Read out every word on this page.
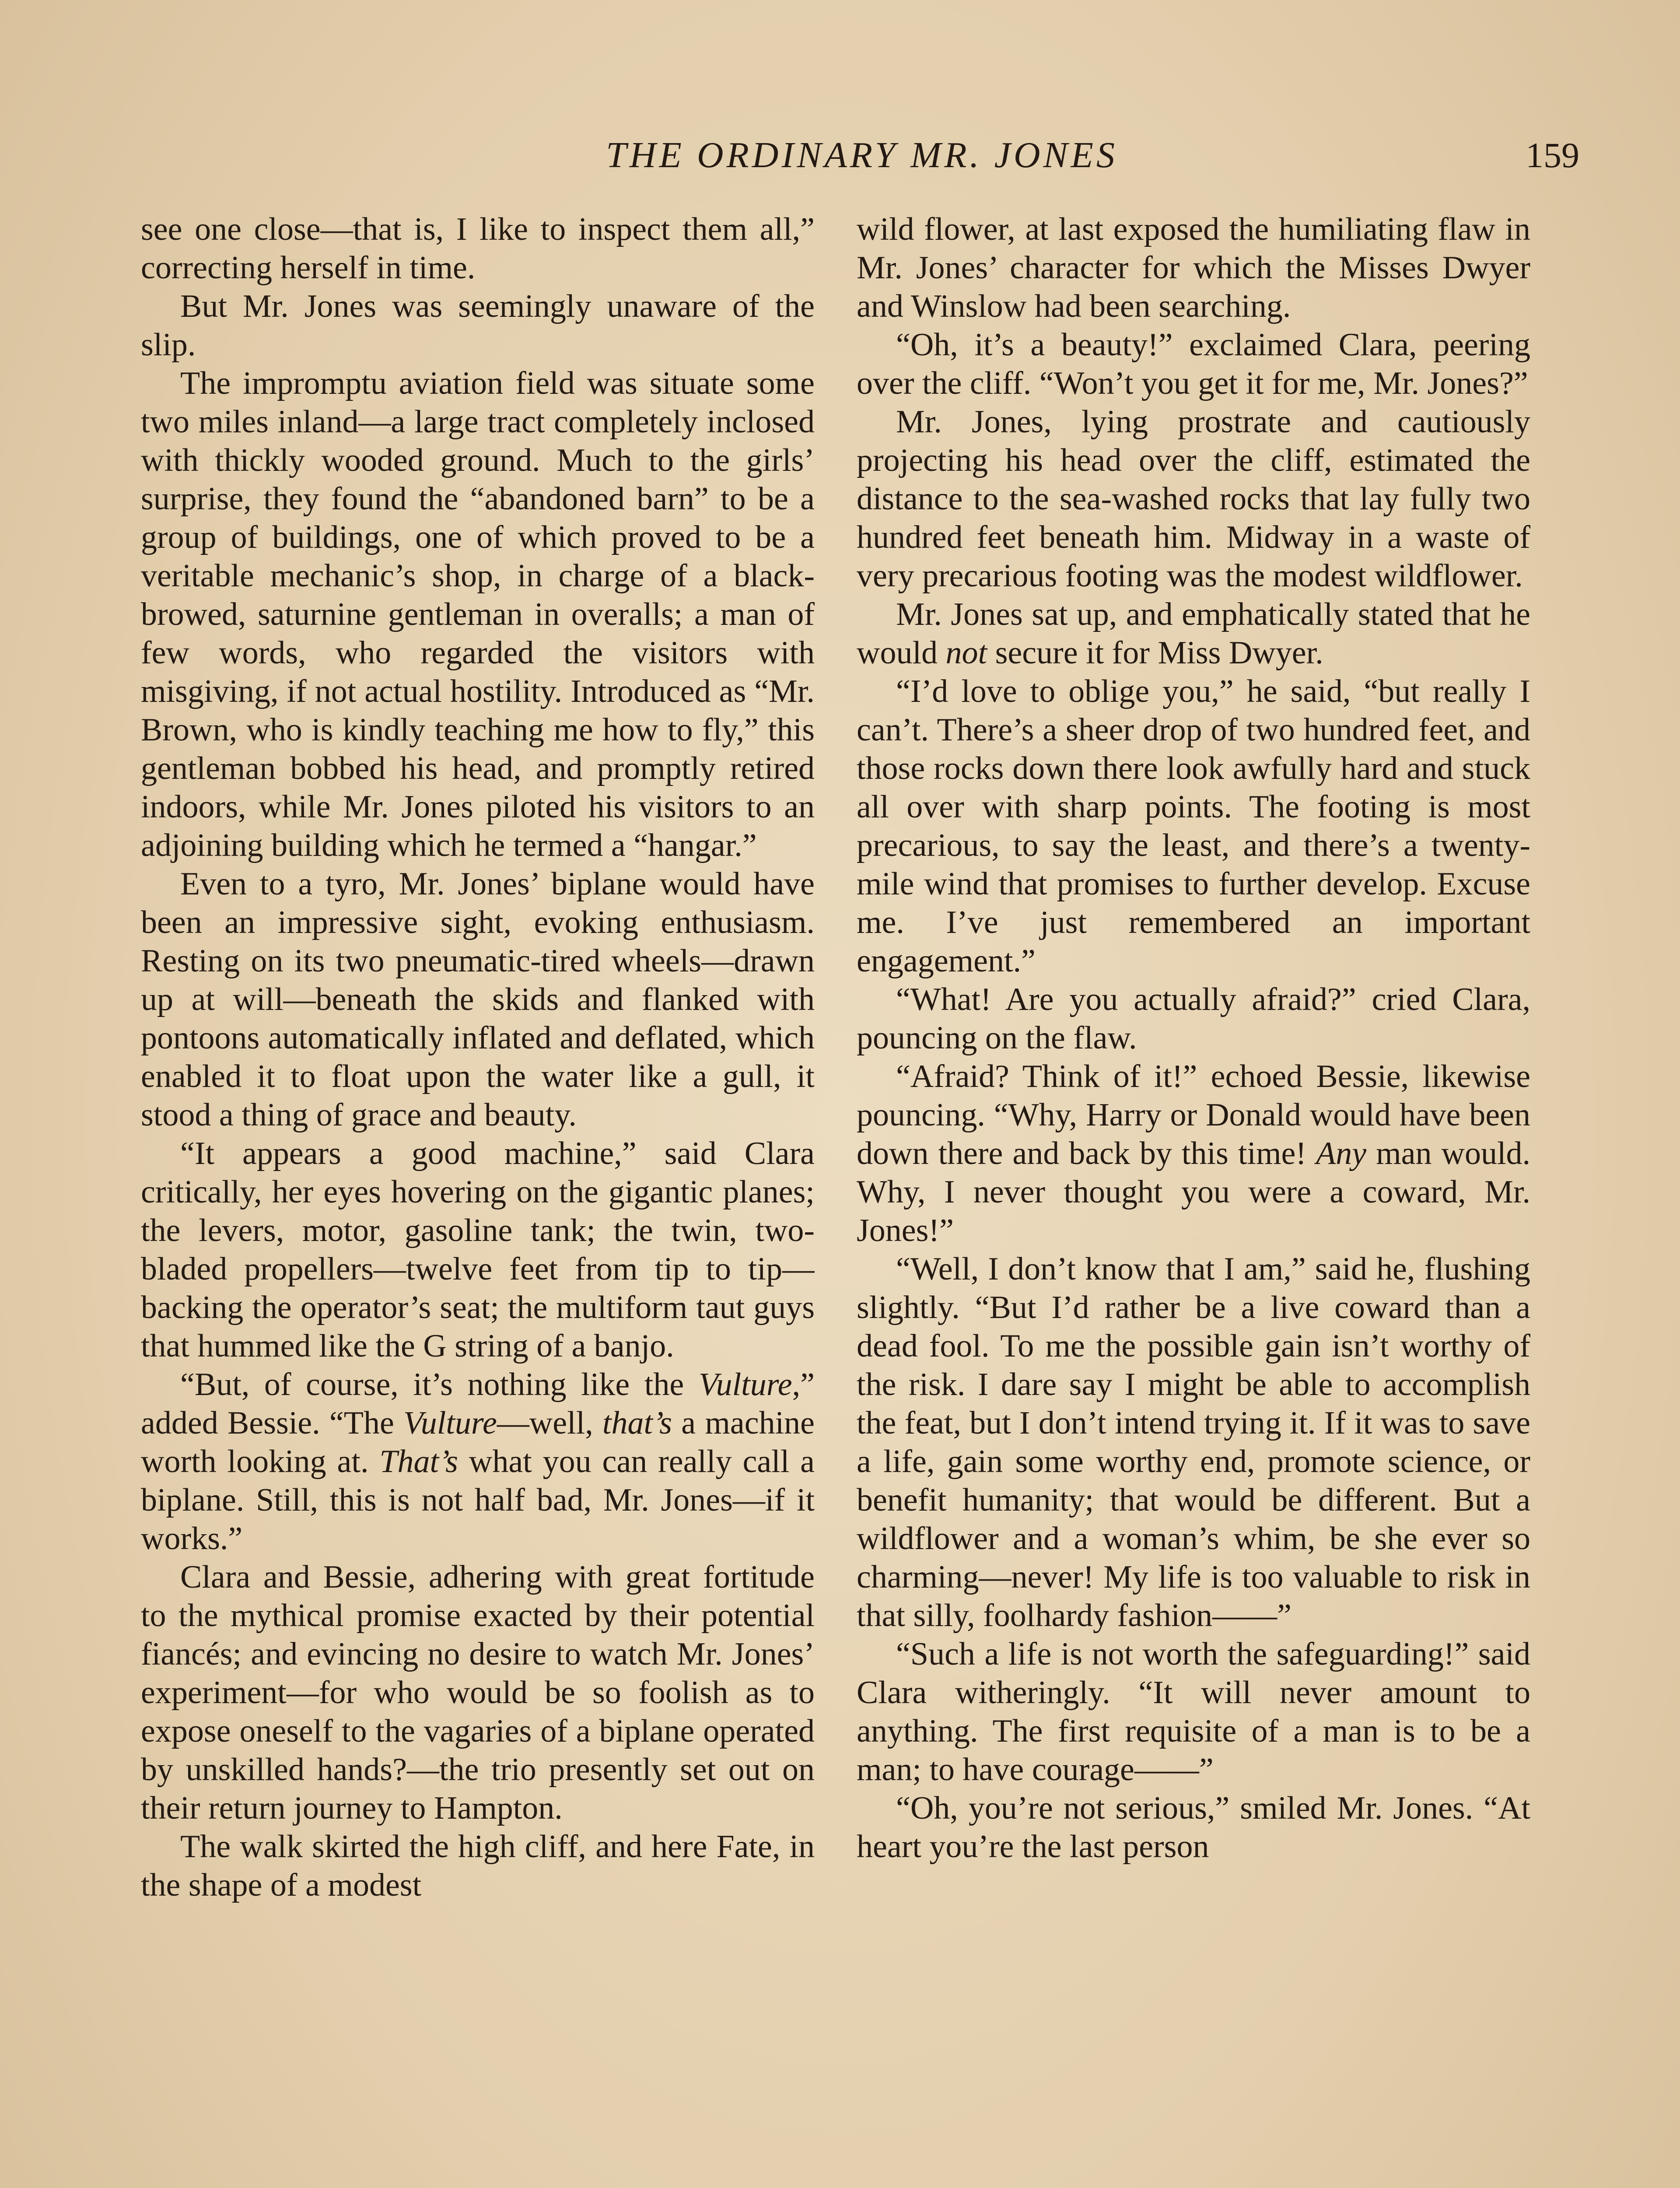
THE ORDINARY MR. JONES	159

see one close—that is, I like to inspect them all,” correcting herself in time.

But Mr. Jones was seemingly unaware of the slip.

The impromptu aviation field was situate some two miles inland—a large tract completely inclosed with thickly wooded ground. Much to the girls’ surprise, they found the “abandoned barn” to be a group of buildings, one of which proved to be a veritable mechanic’s shop, in charge of a black-browed, saturnine gentleman in overalls; a man of few words, who regarded the visitors with misgiving, if not actual hostility. Introduced as “Mr. Brown, who is kindly teaching me how to fly,” this gentleman bobbed his head, and promptly retired indoors, while Mr. Jones piloted his visitors to an adjoining building which he termed a “hangar.”

Even to a tyro, Mr. Jones’ biplane would have been an impressive sight, evoking enthusiasm. Resting on its two pneumatic-tired wheels—drawn up at will—beneath the skids and flanked with pontoons automatically inflated and deflated, which enabled it to float upon the water like a gull, it stood a thing of grace and beauty.

“It appears a good machine,” said Clara critically, her eyes hovering on the gigantic planes; the levers, motor, gasoline tank; the twin, two-bladed propellers—twelve feet from tip to tip—backing the operator’s seat; the multiform taut guys that hummed like the G string of a banjo.

“But, of course, it’s nothing like the Vulture,” added Bessie. “The Vulture—well, that’s a machine worth looking at. That’s what you can really call a biplane. Still, this is not half bad, Mr. Jones—if it works.”

Clara and Bessie, adhering with great fortitude to the mythical promise exacted by their potential fiancés; and evincing no desire to watch Mr. Jones’ experiment—for who would be so foolish as to expose oneself to the vagaries of a biplane operated by unskilled hands?—the trio presently set out on their return journey to Hampton.

The walk skirted the high cliff, and here Fate, in the shape of a modest

wild flower, at last exposed the humiliating flaw in Mr. Jones’ character for which the Misses Dwyer and Winslow had been searching.

“Oh, it’s a beauty!” exclaimed Clara, peering over the cliff. “Won’t you get it for me, Mr. Jones?”

Mr. Jones, lying prostrate and cautiously projecting his head over the cliff, estimated the distance to the sea-washed rocks that lay fully two hundred feet beneath him. Midway in a waste of very precarious footing was the modest wildflower.

Mr. Jones sat up, and emphatically stated that he would not secure it for Miss Dwyer.

“I’d love to oblige you,” he said, “but really I can’t. There’s a sheer drop of two hundred feet, and those rocks down there look awfully hard and stuck all over with sharp points. The footing is most precarious, to say the least, and there’s a twenty-mile wind that promises to further develop. Excuse me. I’ve just remembered an important engagement.”

“What! Are you actually afraid?” cried Clara, pouncing on the flaw.

“Afraid? Think of it!” echoed Bessie, likewise pouncing. “Why, Harry or Donald would have been down there and back by this time! Any man would. Why, I never thought you were a coward, Mr. Jones!”

“Well, I don’t know that I am,” said he, flushing slightly. “But I’d rather be a live coward than a dead fool. To me the possible gain isn’t worthy of the risk. I dare say I might be able to accomplish the feat, but I don’t intend trying it. If it was to save a life, gain some worthy end, promote science, or benefit humanity; that would be different. But a wildflower and a woman’s whim, be she ever so charming—never! My life is too valuable to risk in that silly, foolhardy fashion——”

“Such a life is not worth the safeguarding!” said Clara witheringly. “It will never amount to anything. The first requisite of a man is to be a man; to have courage——”

“Oh, you’re not serious,” smiled Mr. Jones. “At heart you’re the last person
